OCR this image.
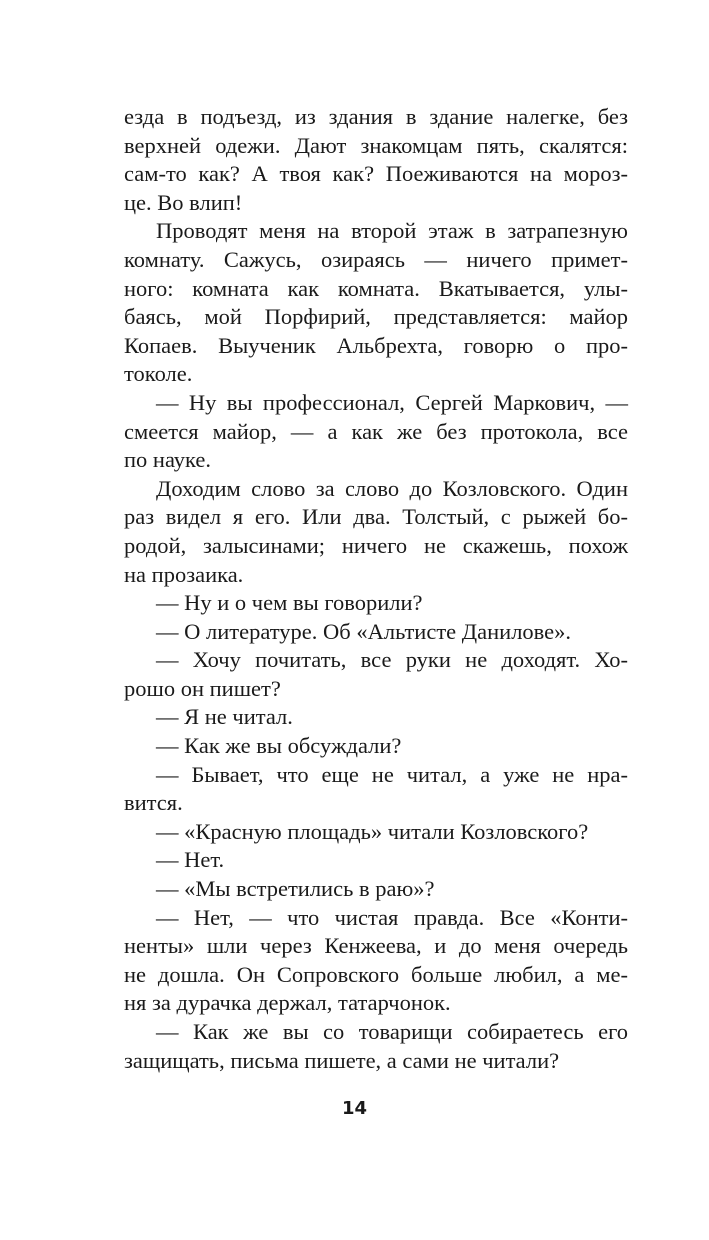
езда в подъезд, из здания в здание налегке, без
верхней одежи. Дают знакомцам пять, скалятся:
сам-то как? А твоя как? Поеживаются на мороз-
це. Во влип!
Проводят меня на второй этаж в затрапезную
комнату. Сажусь, озираясь — ничего примет-
ного: комната как комната. Вкатывается, улы-
баясь, мой Порфирий, представляется: майор
Копаев. Выученик Альбрехта, говорю о про-
токоле.
— Ну вы профессионал, Сергей Маркович, —
смеется майор, — а как же без протокола, все
по науке.
Доходим слово за слово до Козловского. Один
раз видел я его. Или два. Толстый, с рыжей бо-
родой, залысинами; ничего не скажешь, похож
на прозаика.
— Ну и о чем вы говорили?
— О литературе. Об «Альтисте Данилове».
— Хочу почитать, все руки не доходят. Хо-
рошо он пишет?
— Я не читал.
— Как же вы обсуждали?
— Бывает, что еще не читал, а уже не нра-
вится.
— «Красную площадь» читали Козловского?
— Нет.
— «Мы встретились в раю»?
— Нет, — что чистая правда. Все «Конти-
ненты» шли через Кенжеева, и до меня очередь
не дошла. Он Сопровского больше любил, а ме-
ня за дурачка держал, татарчонок.
— Как же вы со товарищи собираетесь его
защищать, письма пишете, а сами не читали?
14
